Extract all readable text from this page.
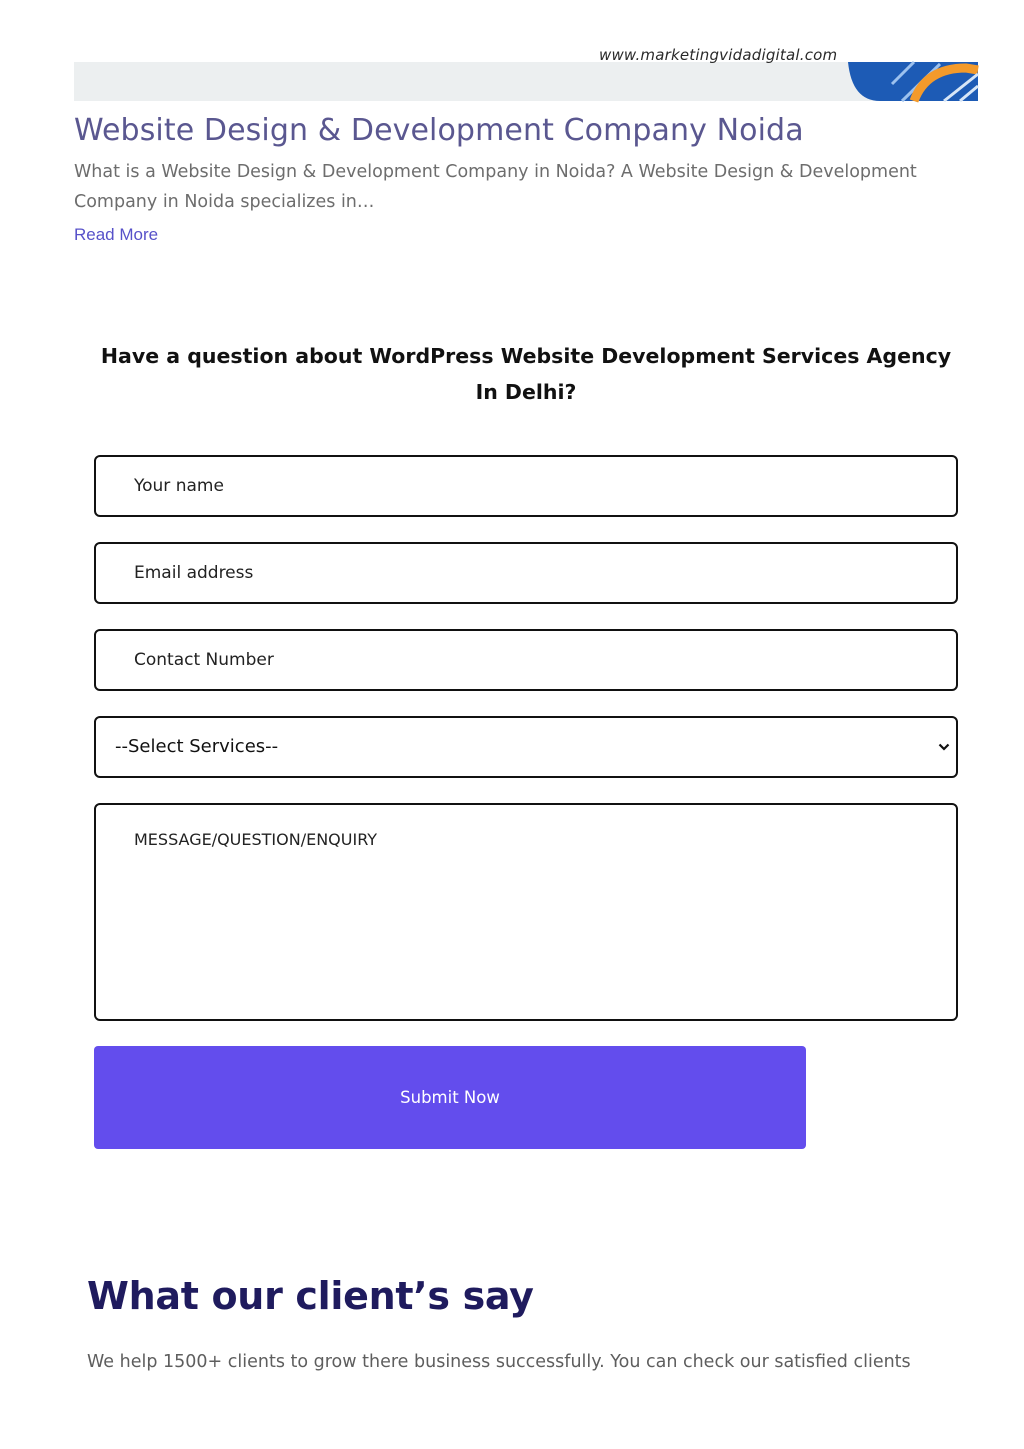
www.marketingvidadigital.com
Website Design & Development Company Noida

What is a Website Design & Development Company in Noida? A Website Design & Development Company in Noida specializes in…

Read More
Have a question about WordPress Website Development Services Agency In Delhi?
Your name
Email address
Contact Number
--Select Services--
MESSAGE/QUESTION/ENQUIRY
Submit Now
What our client’s say

We help 1500+ clients to grow there business successfully. You can check our satisfied clients
